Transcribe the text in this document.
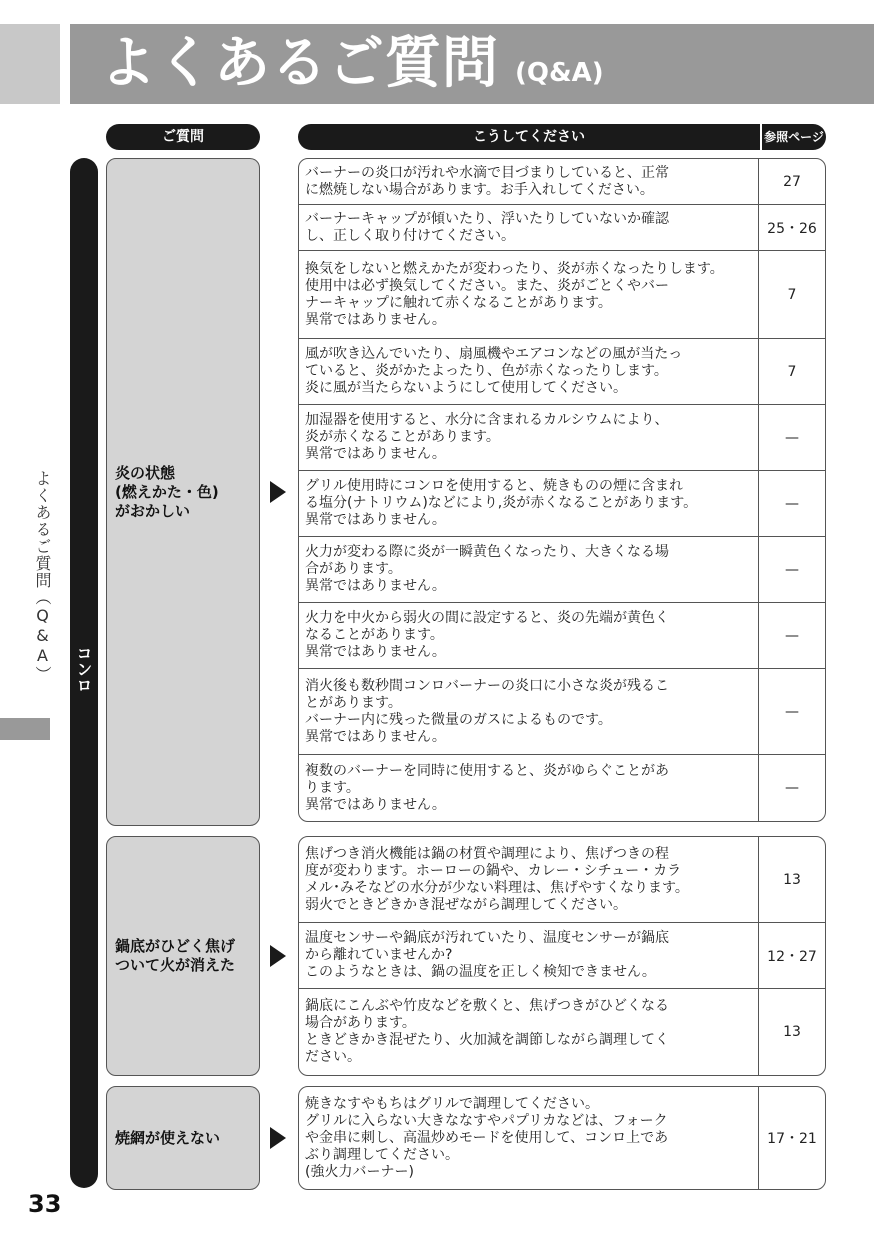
よくあるご質問 (Q&A)
よくあるご質問（Q&A）
33
ご質問	こうしてください	参照ページ
コンロ
炎の状態
(燃えかた・色)
がおかしい
バーナーの炎口が汚れや水滴で目づまりしていると、正常
に燃焼しない場合があります。お手入れしてください。	27
バーナーキャップが傾いたり、浮いたりしていないか確認
し、正しく取り付けてください。	25・26
換気をしないと燃えかたが変わったり、炎が赤くなったりします。
使用中は必ず換気してください。また、炎がごとくやバー
ナーキャップに触れて赤くなることがあります。
異常ではありません。
7
風が吹き込んでいたり、扇風機やエアコンなどの風が当たっ
ていると、炎がかたよったり、色が赤くなったりします。
炎に風が当たらないようにして使用してください。
7
加湿器を使用すると、水分に含まれるカルシウムにより、
炎が赤くなることがあります。
異常ではありません。
—
グリル使用時にコンロを使用すると、焼きものの煙に含まれ
る塩分(ナトリウム)などにより,炎が赤くなることがあります。
異常ではありません。
—
火力が変わる際に炎が一瞬黄色くなったり、大きくなる場
合があります。
異常ではありません。
—
火力を中火から弱火の間に設定すると、炎の先端が黄色く
なることがあります。
異常ではありません。
—
消火後も数秒間コンロバーナーの炎口に小さな炎が残るこ
とがあります。
バーナー内に残った微量のガスによるものです。
異常ではありません。
—
複数のバーナーを同時に使用すると、炎がゆらぐことがあ
ります。
異常ではありません。
—
鍋底がひどく焦げ
ついて火が消えた
焦げつき消火機能は鍋の材質や調理により、焦げつきの程
度が変わります。ホーローの鍋や、カレー・シチュー・カラ
メル･みそなどの水分が少ない料理は、焦げやすくなります。
弱火でときどきかき混ぜながら調理してください。
13
温度センサーや鍋底が汚れていたり、温度センサーが鍋底
から離れていませんか?
このようなときは、鍋の温度を正しく検知できません。
12・27
鍋底にこんぶや竹皮などを敷くと、焦げつきがひどくなる
場合があります。
ときどきかき混ぜたり、火加減を調節しながら調理してく
ださい。
13
焼網が使えない
焼きなすやもちはグリルで調理してください。
グリルに入らない大きななすやパプリカなどは、フォーク
や金串に刺し、高温炒めモードを使用して、コンロ上であ
ぶり調理してください。
(強火力バーナー)
17・21
